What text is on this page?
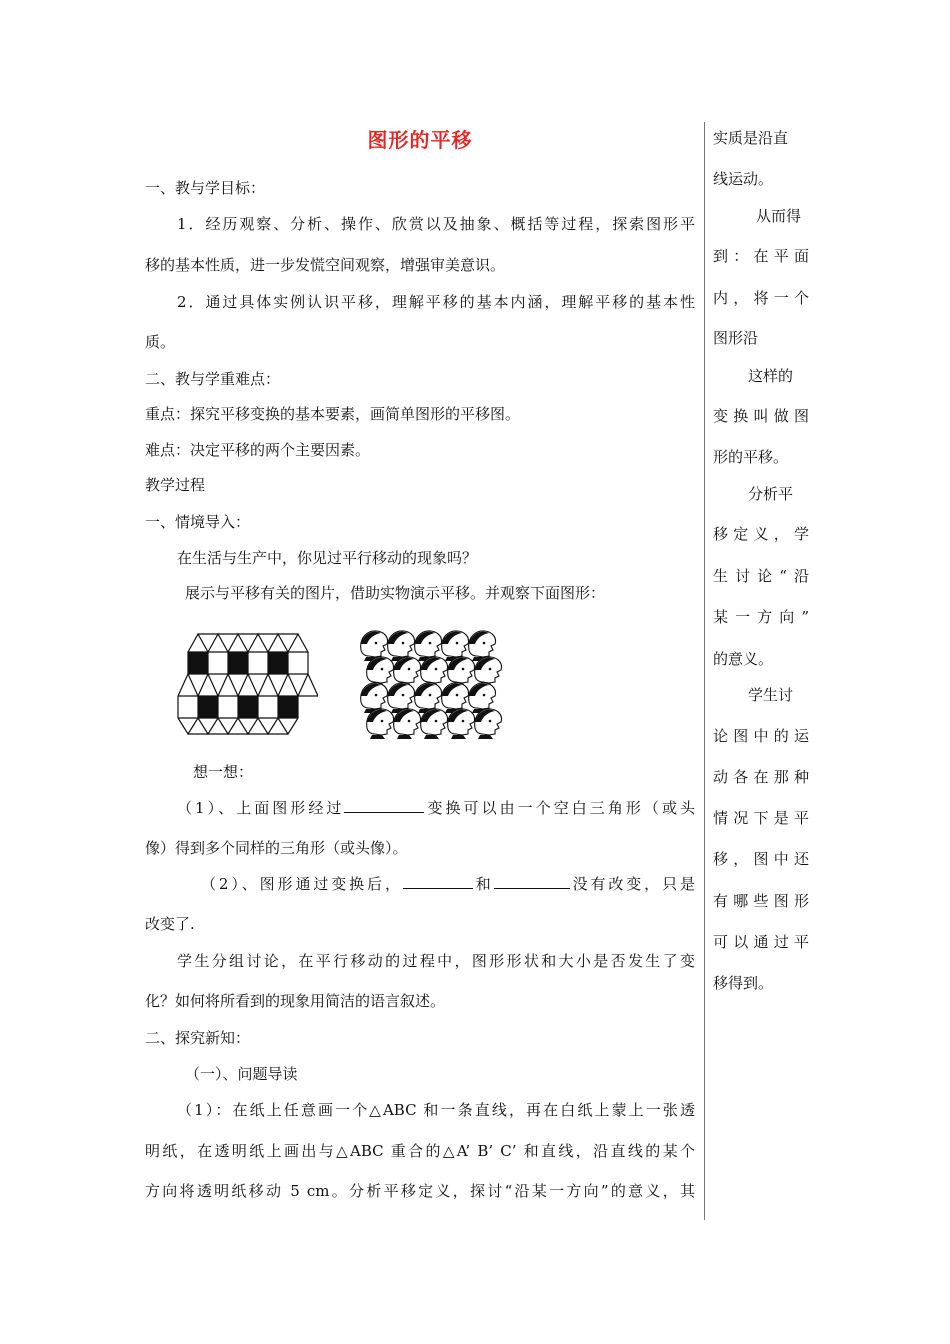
图形的平移
一、教与学目标：
1．经历观察、分析、操作、欣赏以及抽象、概括等过程，探索图形平
移的基本性质，进一步发慌空间观察，增强审美意识。
2．通过具体实例认识平移，理解平移的基本内涵，理解平移的基本性
质。
二、教与学重难点：
重点：探究平移变换的基本要素，画简单图形的平移图。
难点：决定平移的两个主要因素。
教学过程
一、情境导入：
在生活与生产中，你见过平行移动的现象吗？
展示与平移有关的图片，借助实物演示平移。并观察下面图形：
想一想：
（1）、上面图形经过	变换可以由一个空白三角形（或头
像）得到多个同样的三角形（或头像）。
（2）、图形通过变换后，	和	没有改变，只是
改变了.
学生分组讨论，在平行移动的过程中，图形形状和大小是否发生了变
化？如何将所看到的现象用简洁的语言叙述。
二、探究新知：
（一）、问题导读
（1）：在纸上任意画一个△ABC 和一条直线，再在白纸上蒙上一张透
明纸，在透明纸上画出与△ABC 重合的△A’ B’ C’ 和直线，沿直线的某个
方向将透明纸移动 5 cm。分析平移定义，探讨“沿某一方向”的意义，其
实质是沿直
线运动。
从而得
到：在平面
内，将一个
图形沿
这样的
变换叫做图
形的平移。
分析平
移定义，学
生讨论“沿
某一方向”
的意义。
学生讨
论图中的运
动各在那种
情况下是平
移，图中还
有哪些图形
可以通过平
移得到。
